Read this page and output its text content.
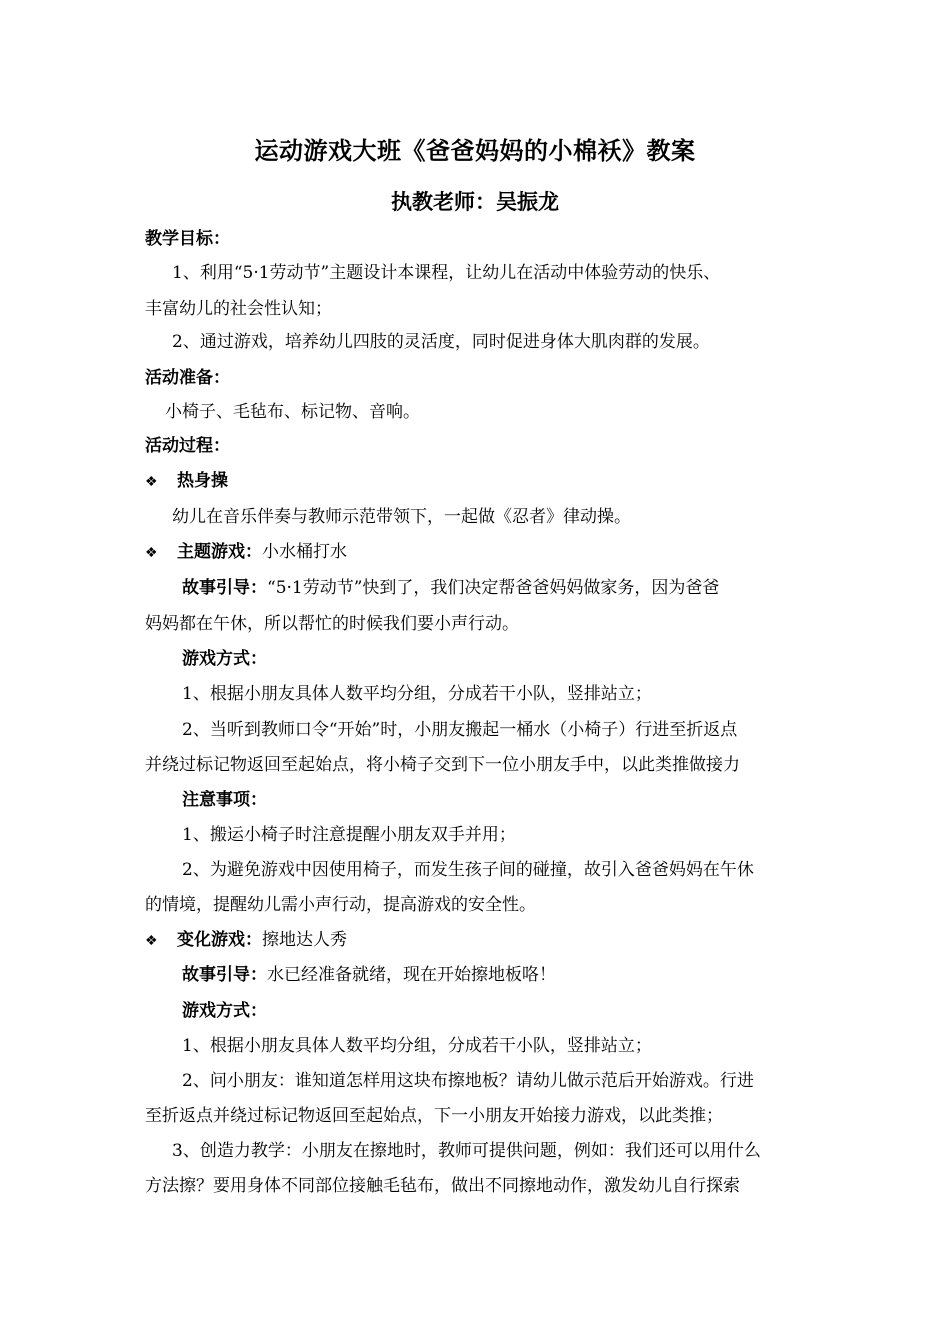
运动游戏大班《爸爸妈妈的小棉袄》教案
执教老师：吴振龙
教学目标：
1、利用“5·1劳动节”主题设计本课程，让幼儿在活动中体验劳动的快乐、
丰富幼儿的社会性认知；
2、通过游戏，培养幼儿四肢的灵活度，同时促进身体大肌肉群的发展。
活动准备：
小椅子、毛毡布、标记物、音响。
活动过程：
❖ 热身操
幼儿在音乐伴奏与教师示范带领下，一起做《忍者》律动操。
❖ 主题游戏：小水桶打水
故事引导：“5·1劳动节”快到了，我们决定帮爸爸妈妈做家务，因为爸爸
妈妈都在午休，所以帮忙的时候我们要小声行动。
游戏方式：
1、根据小朋友具体人数平均分组，分成若干小队，竖排站立；
2、当听到教师口令“开始”时，小朋友搬起一桶水（小椅子）行进至折返点
并绕过标记物返回至起始点，将小椅子交到下一位小朋友手中，以此类推做接力
注意事项：
1、搬运小椅子时注意提醒小朋友双手并用；
2、为避免游戏中因使用椅子，而发生孩子间的碰撞，故引入爸爸妈妈在午休
的情境，提醒幼儿需小声行动，提高游戏的安全性。
❖ 变化游戏：擦地达人秀
故事引导：水已经准备就绪，现在开始擦地板咯！
游戏方式：
1、根据小朋友具体人数平均分组，分成若干小队，竖排站立；
2、问小朋友：谁知道怎样用这块布擦地板？请幼儿做示范后开始游戏。行进
至折返点并绕过标记物返回至起始点，下一小朋友开始接力游戏，以此类推；
3、创造力教学：小朋友在擦地时，教师可提供问题，例如：我们还可以用什么
方法擦？要用身体不同部位接触毛毡布，做出不同擦地动作，激发幼儿自行探索
